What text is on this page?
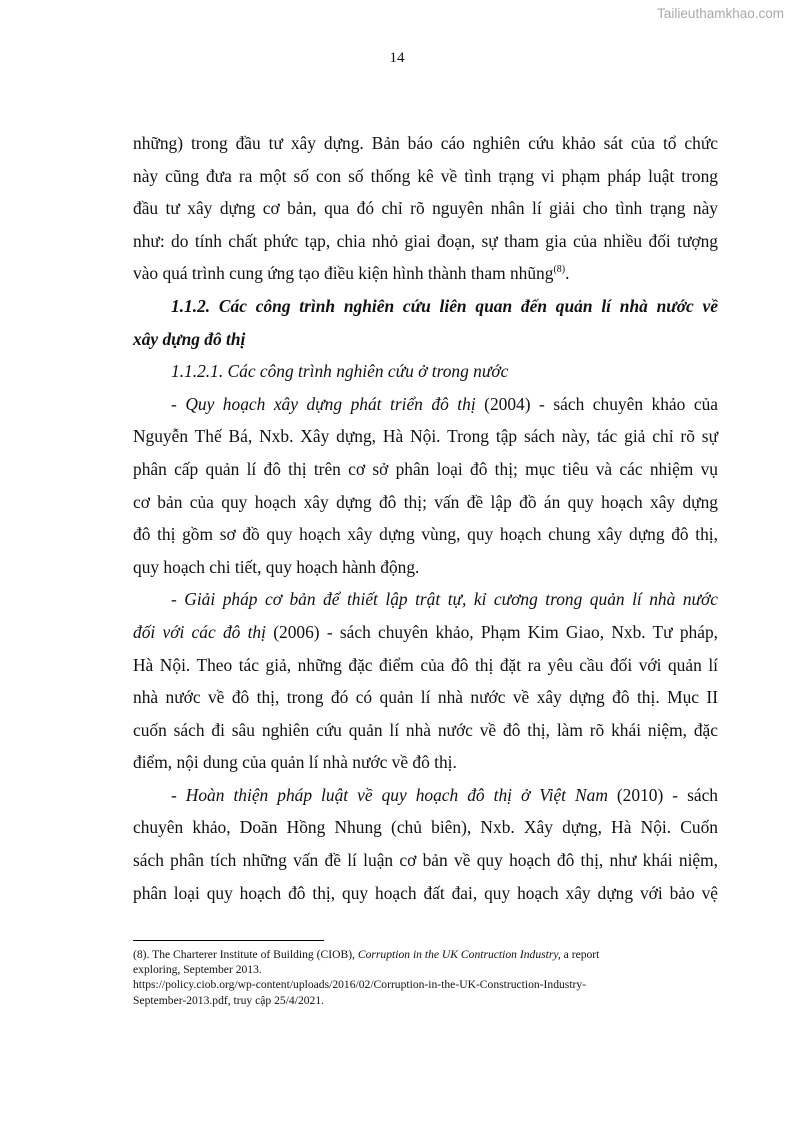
Tailieuthamkhao.com
14

những) trong đầu tư xây dựng. Bản báo cáo nghiên cứu khảo sát của tổ chức

này cũng đưa ra một số con số thống kê về tình trạng vi phạm pháp luật trong

đầu tư xây dựng cơ bản, qua đó chỉ rõ nguyên nhân lí giải cho tình trạng này

như: do tính chất phức tạp, chia nhỏ giai đoạn, sự tham gia của nhiều đối tượng

vào quá trình cung ứng tạo điều kiện hình thành tham nhũng$^{(8)}$.

1.1.2. Các công trình nghiên cứu liên quan đến quản lí nhà nước về

xây dựng đô thị

1.1.2.1. Các công trình nghiên cứu ở trong nước

- Quy hoạch xây dựng phát triển đô thị (2004) - sách chuyên khảo của

Nguyễn Thế Bá, Nxb. Xây dựng, Hà Nội. Trong tập sách này, tác giả chỉ rõ sự

phân cấp quản lí đô thị trên cơ sở phân loại đô thị; mục tiêu và các nhiệm vụ

cơ bản của quy hoạch xây dựng đô thị; vấn đề lập đồ án quy hoạch xây dựng

đô thị gồm sơ đồ quy hoạch xây dựng vùng, quy hoạch chung xây dựng đô thị,

quy hoạch chi tiết, quy hoạch hành động.

- Giải pháp cơ bản để thiết lập trật tự, kỉ cương trong quản lí nhà nước

đối với các đô thị (2006) - sách chuyên khảo, Phạm Kim Giao, Nxb. Tư pháp,

Hà Nội. Theo tác giả, những đặc điểm của đô thị đặt ra yêu cầu đối với quản lí

nhà nước về đô thị, trong đó có quản lí nhà nước về xây dựng đô thị. Mục II

cuốn sách đi sâu nghiên cứu quản lí nhà nước về đô thị, làm rõ khái niệm, đặc

điểm, nội dung của quản lí nhà nước về đô thị.

- Hoàn thiện pháp luật về quy hoạch đô thị ở Việt Nam (2010) - sách

chuyên khảo, Doãn Hồng Nhung (chủ biên), Nxb. Xây dựng, Hà Nội. Cuốn

sách phân tích những vấn đề lí luận cơ bản về quy hoạch đô thị, như khái niệm,

phân loại quy hoạch đô thị, quy hoạch đất đai, quy hoạch xây dựng với bảo vệ

(8). The Charterer Institute of Building (CIOB), Corruption in the UK Contruction Industry, a report

exploring, September 2013.

https://policy.ciob.org/wp-content/uploads/2016/02/Corruption-in-the-UK-Construction-Industry-

September-2013.pdf, truy cập 25/4/2021.
